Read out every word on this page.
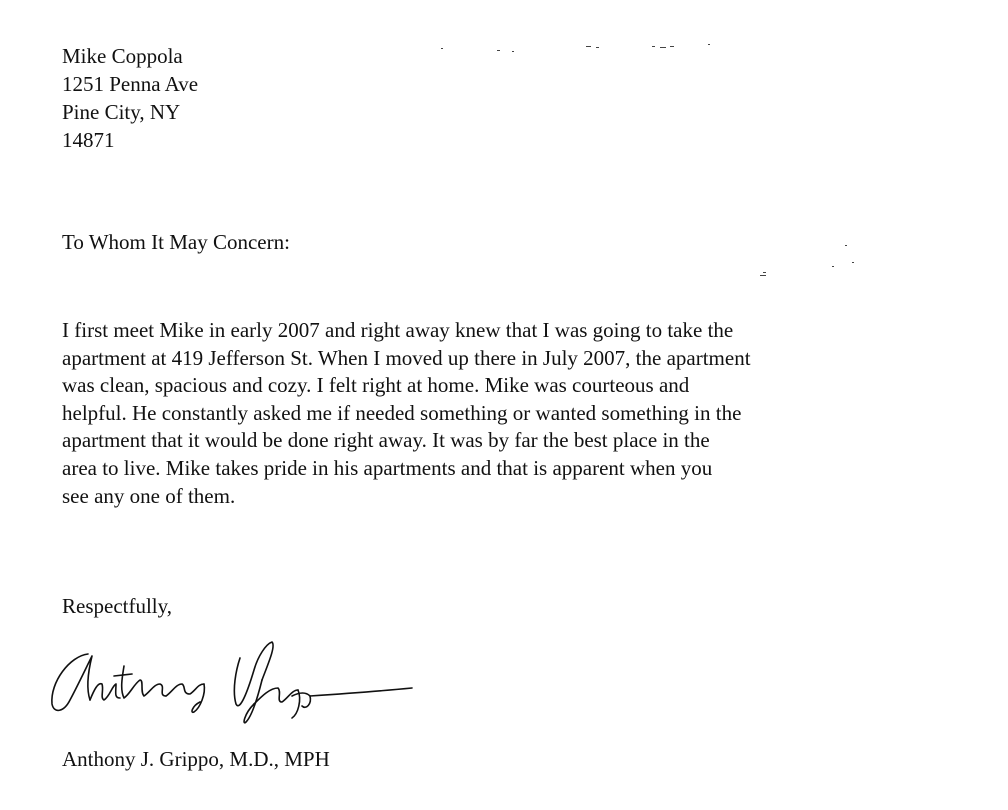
Mike Coppola
1251 Penna Ave
Pine City, NY
14871
To Whom It May Concern:
I first meet Mike in early 2007 and right away knew that I was going to take the
apartment at 419 Jefferson St. When I moved up there in July 2007, the apartment
was clean, spacious and cozy. I felt right at home. Mike was courteous and
helpful. He constantly asked me if needed something or wanted something in the
apartment that it would be done right away. It was by far the best place in the
area to live. Mike takes pride in his apartments and that is apparent when you
see any one of them.
Respectfully,
Anthony J. Grippo, M.D., MPH
